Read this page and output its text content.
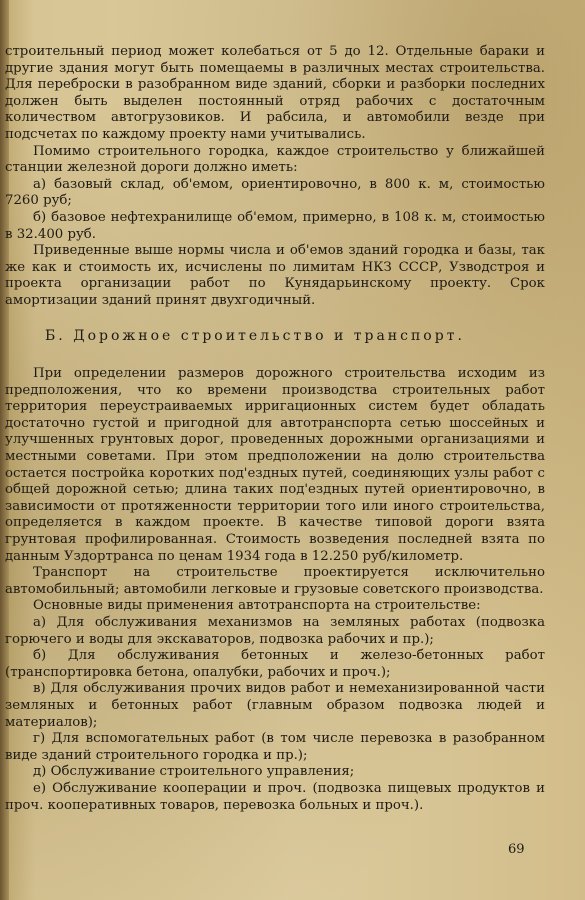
строительный период может колебаться от 5 до 12. Отдельные бараки и другие здания могут быть помещаемы в различных местах строительства. Для переброски в разобранном виде зданий, сборки и разборки последних должен быть выделен постоянный отряд рабочих с достаточным количеством автогрузовиков. И рабсила, и автомобили везде при подсчетах по каждому проекту нами учитывались.

Помимо строительного городка, каждое строительство у ближайшей станции железной дороги должно иметь:

а) базовый склад, об'емом, ориентировочно, в 800 к. м, стоимостью 7260 руб;

б) базовое нефтехранилище об'емом, примерно, в 108 к. м, стоимостью в 32.400 руб.

Приведенные выше нормы числа и об'емов зданий городка и базы, так же как и стоимость их, исчислены по лимитам НКЗ СССР, Узводстроя и проекта организации работ по Кунядарьинскому проекту. Срок амортизации зданий принят двухгодичный.

Б. Дорожное строительство и транспорт.

При определении размеров дорожного строительства исходим из предположения, что ко времени производства строительных работ территория переустраиваемых ирригационных систем будет обладать достаточно густой и пригодной для автотранспорта сетью шоссейных и улучшенных грунтовых дорог, проведенных дорожными организациями и местными советами. При этом предположении на долю строительства остается постройка коротких под'ездных путей, соединяющих узлы работ с общей дорожной сетью; длина таких под'ездных путей ориентировочно, в зависимости от протяженности территории того или иного строительства, определяется в каждом проекте. В качестве типовой дороги взята грунтовая профилированная. Стоимость возведения последней взята по данным Уздортранса по ценам 1934 года в 12.250 руб/километр.

Транспорт на строительстве проектируется исключительно автомобильный; автомобили легковые и грузовые советского производства.

Основные виды применения автотранспорта на строительстве:

а) Для обслуживания механизмов на земляных работах (подвозка горючего и воды для экскаваторов, подвозка рабочих и пр.);

б) Для обслуживания бетонных и железо-бетонных работ (транспортировка бетона, опалубки, рабочих и проч.);

в) Для обслуживания прочих видов работ и немеханизированной части земляных и бетонных работ (главным образом подвозка людей и материалов);

г) Для вспомогательных работ (в том числе перевозка в разобранном виде зданий строительного городка и пр.);

д) Обслуживание строительного управления;

е) Обслуживание кооперации и проч. (подвозка пищевых продуктов и проч. кооперативных товаров, перевозка больных и проч.).

69
